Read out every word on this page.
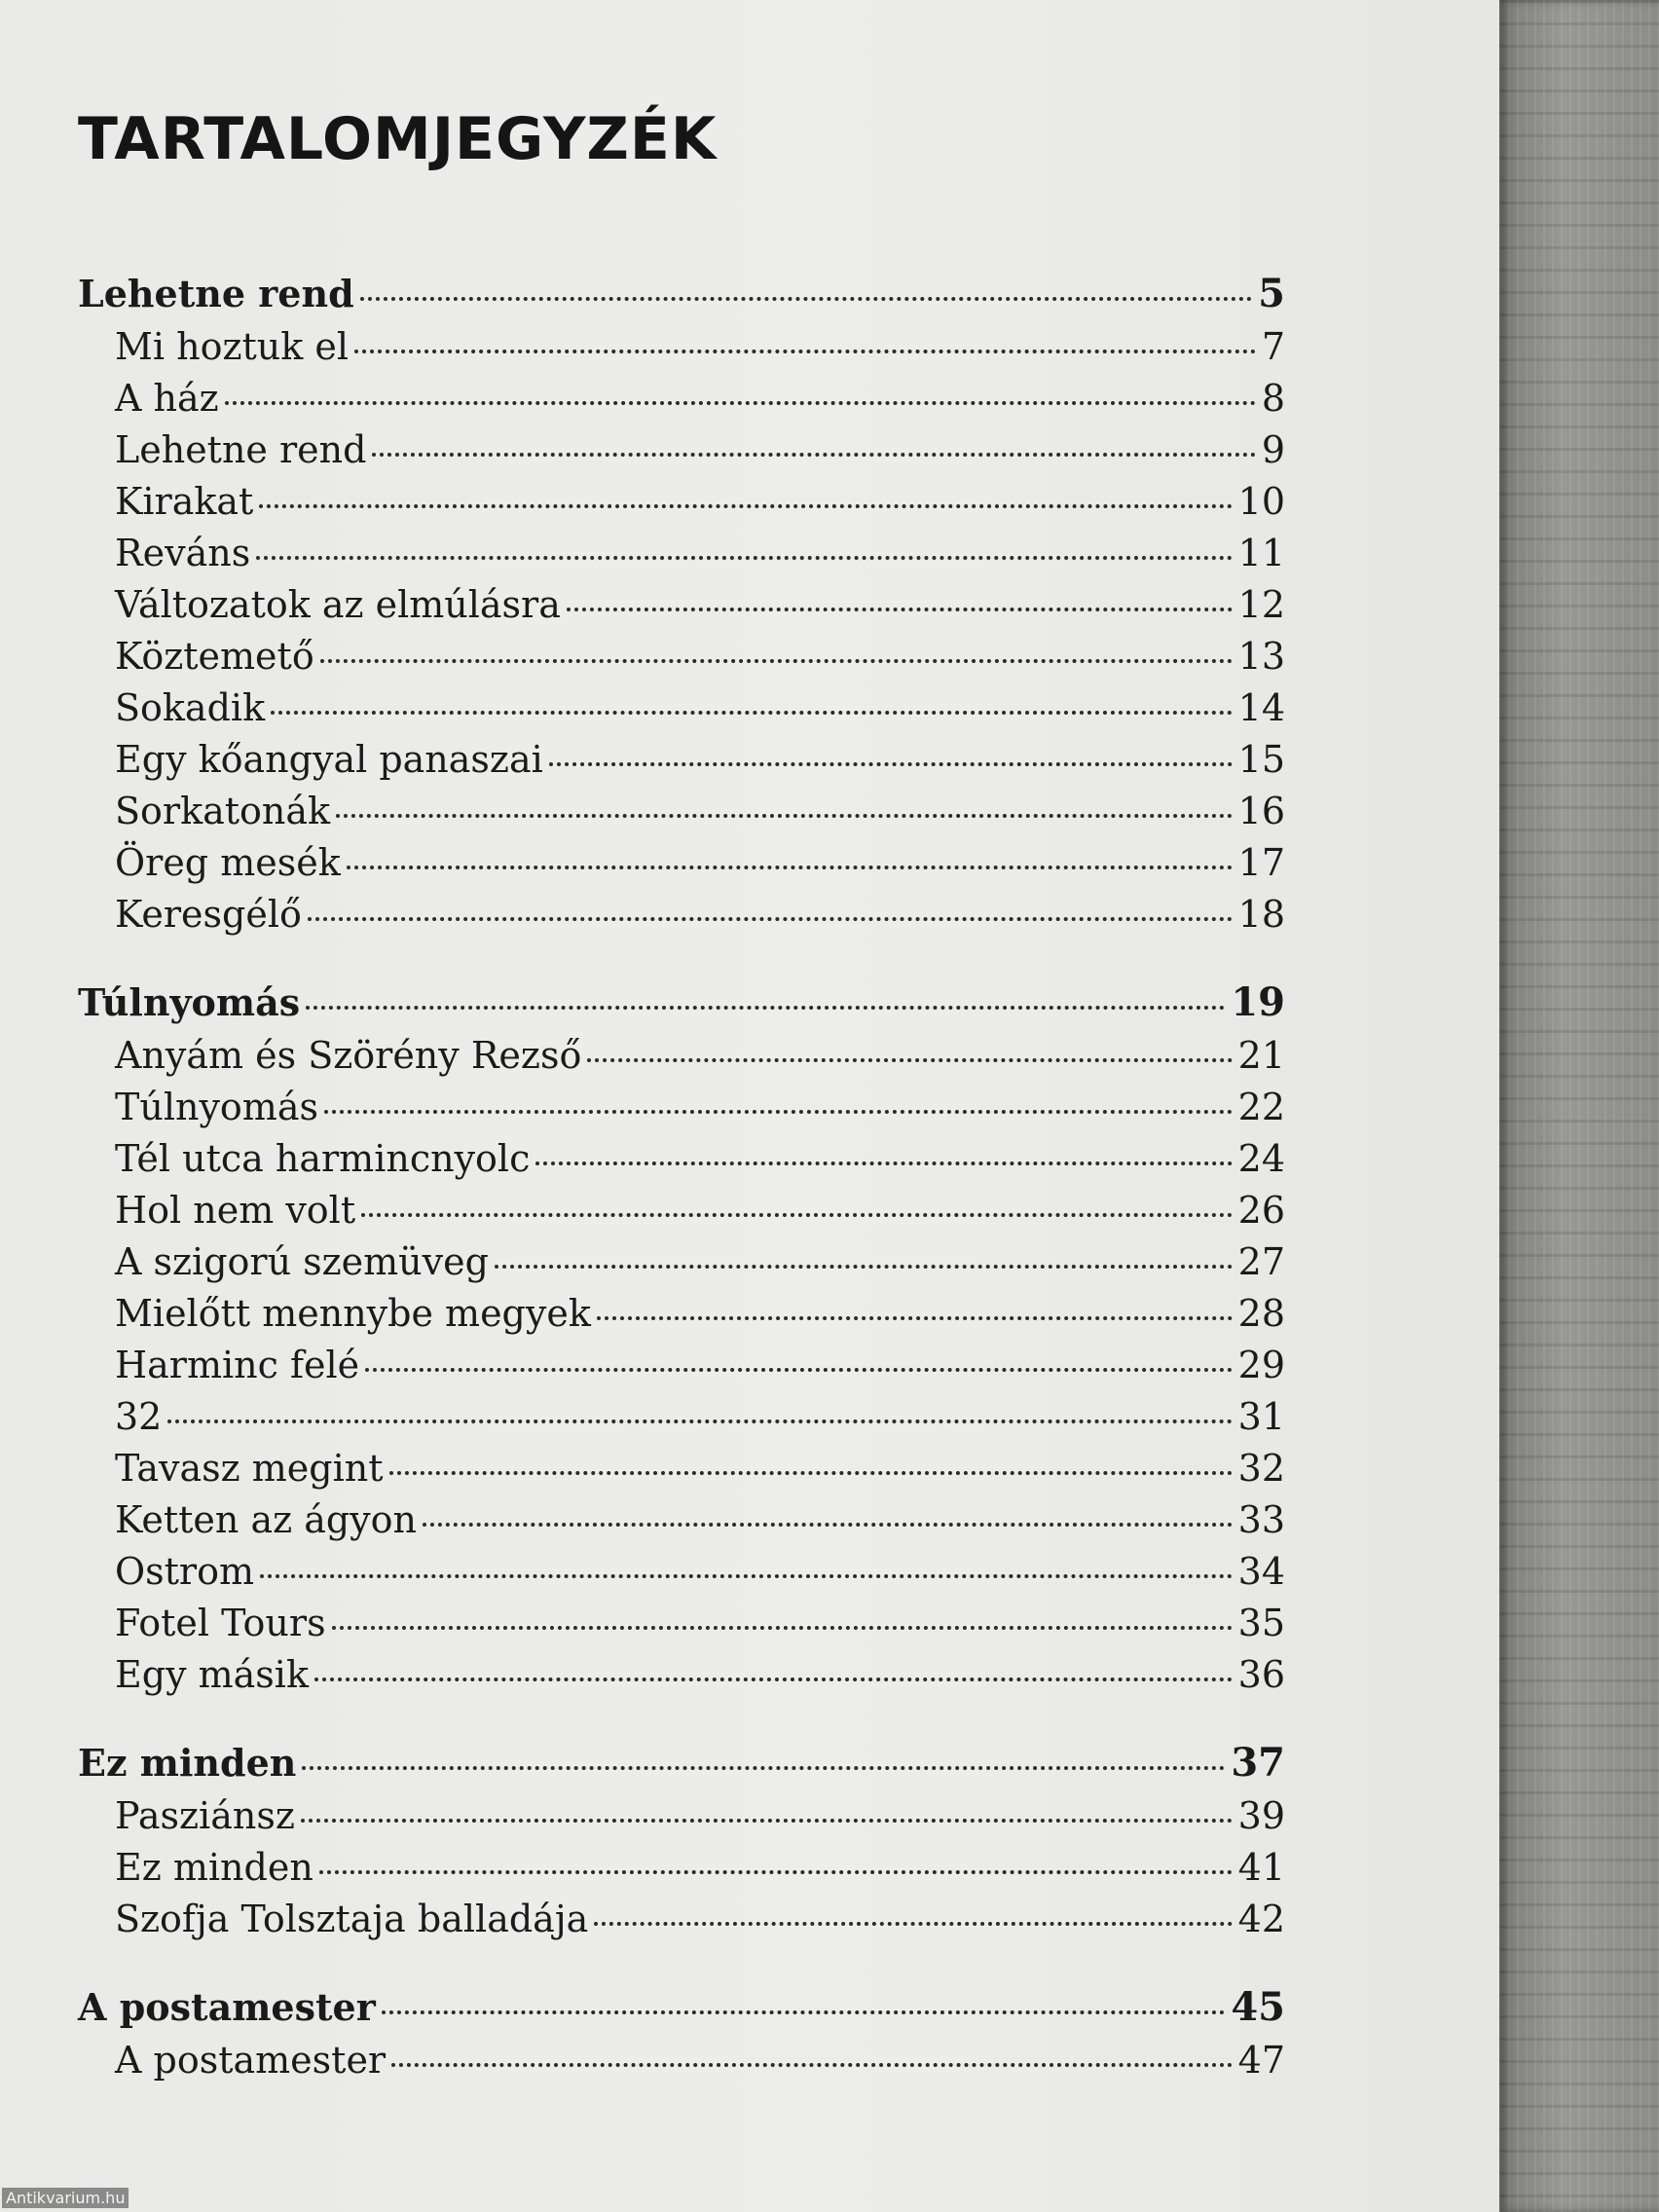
TARTALOMJEGYZÉK
Lehetne rend	5
Mi hoztuk el	7
A ház	8
Lehetne rend	9
Kirakat	10
Reváns	11
Változatok az elmúlásra	12
Köztemető	13
Sokadik	14
Egy kőangyal panaszai	15
Sorkatonák	16
Öreg mesék	17
Keresgélő	18
Túlnyomás	19
Anyám és Szörény Rezső	21
Túlnyomás	22
Tél utca harmincnyolc	24
Hol nem volt	26
A szigorú szemüveg	27
Mielőtt mennybe megyek	28
Harminc felé	29
32	31
Tavasz megint	32
Ketten az ágyon	33
Ostrom	34
Fotel Tours	35
Egy másik	36
Ez minden	37
Pasziánsz	39
Ez minden	41
Szofja Tolsztaja balladája	42
A postamester	45
A postamester	47
Antikvarium.hu
